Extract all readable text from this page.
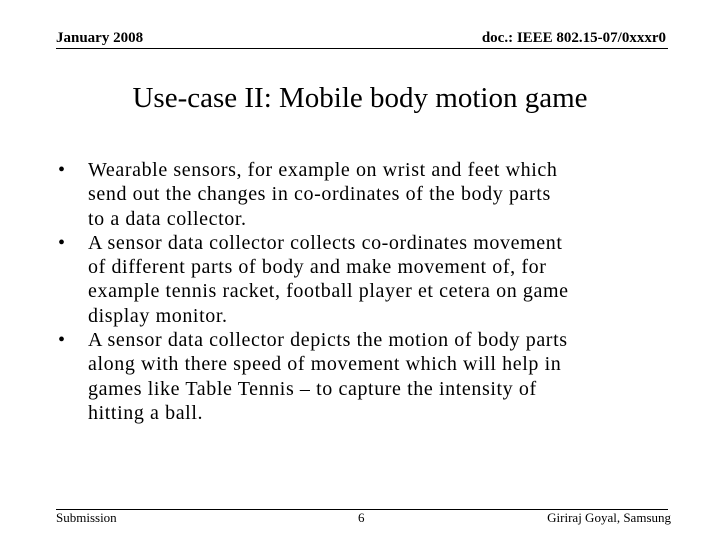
January 2008	doc.: IEEE 802.15-07/0xxxr0
Use-case II: Mobile body motion game
• Wearable sensors, for example on wrist and feet which
send out the changes in co-ordinates of the body parts
to a data collector.
• A sensor data collector collects co-ordinates movement
of different parts of body and make movement of, for
example tennis racket, football player et cetera on game
display monitor.
• A sensor data collector depicts the motion of body parts
along with there speed of movement which will help in
games like Table Tennis – to capture the intensity of
hitting a ball.
Submission	6	Giriraj Goyal, Samsung
